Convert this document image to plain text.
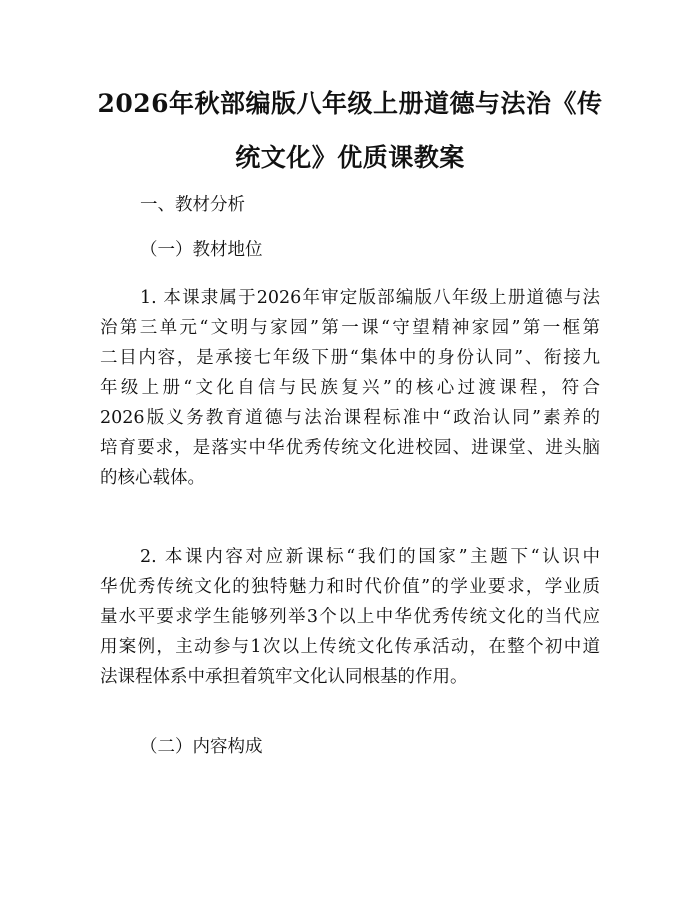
2026年秋部编版八年级上册道德与法治《传
统文化》优质课教案
一、教材分析
（一）教材地位
1. 本课隶属于2026年审定版部编版八年级上册道德与法
治第三单元“文明与家园”第一课“守望精神家园”第一框第
二目内容，是承接七年级下册“集体中的身份认同”、衔接九
年级上册“文化自信与民族复兴”的核心过渡课程，符合
2026版义务教育道德与法治课程标准中“政治认同”素养的
培育要求，是落实中华优秀传统文化进校园、进课堂、进头脑
的核心载体。
2. 本课内容对应新课标“我们的国家”主题下“认识中
华优秀传统文化的独特魅力和时代价值”的学业要求，学业质
量水平要求学生能够列举3个以上中华优秀传统文化的当代应
用案例，主动参与1次以上传统文化传承活动，在整个初中道
法课程体系中承担着筑牢文化认同根基的作用。
（二）内容构成
